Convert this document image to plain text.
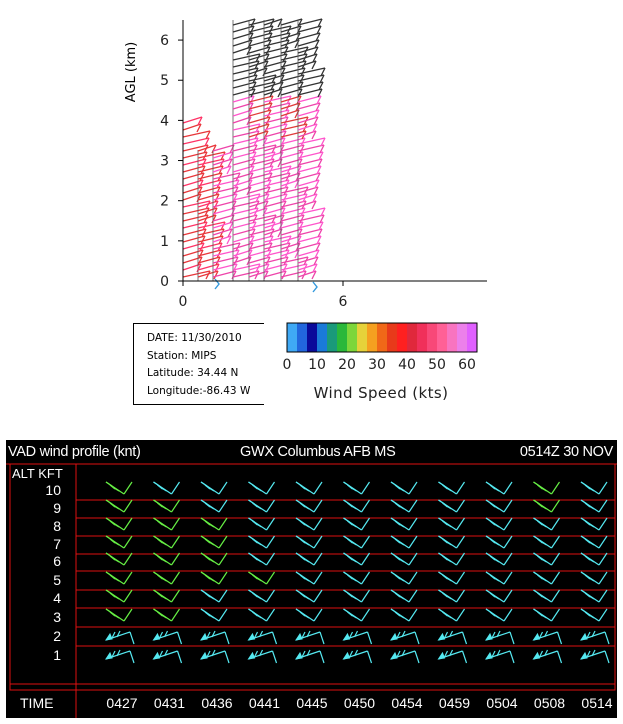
0
1
2
3
4
5
6
0	6
0 10 20 30 40 50 60
AGL (km)
Wind Speed (kts)
DATE: 11/30/2010
Station: MIPS
Latitude: 34.44 N
Longitude:-86.43 W
VAD wind profile (knt)	GWX Columbus AFB MS	0514Z 30 NOV
ALT KFT
10
9
8
7
6
5
4
3
2
1
TIME	0427 0431 0436 0441 0445 0450 0454 0459 0504 0508 0514
